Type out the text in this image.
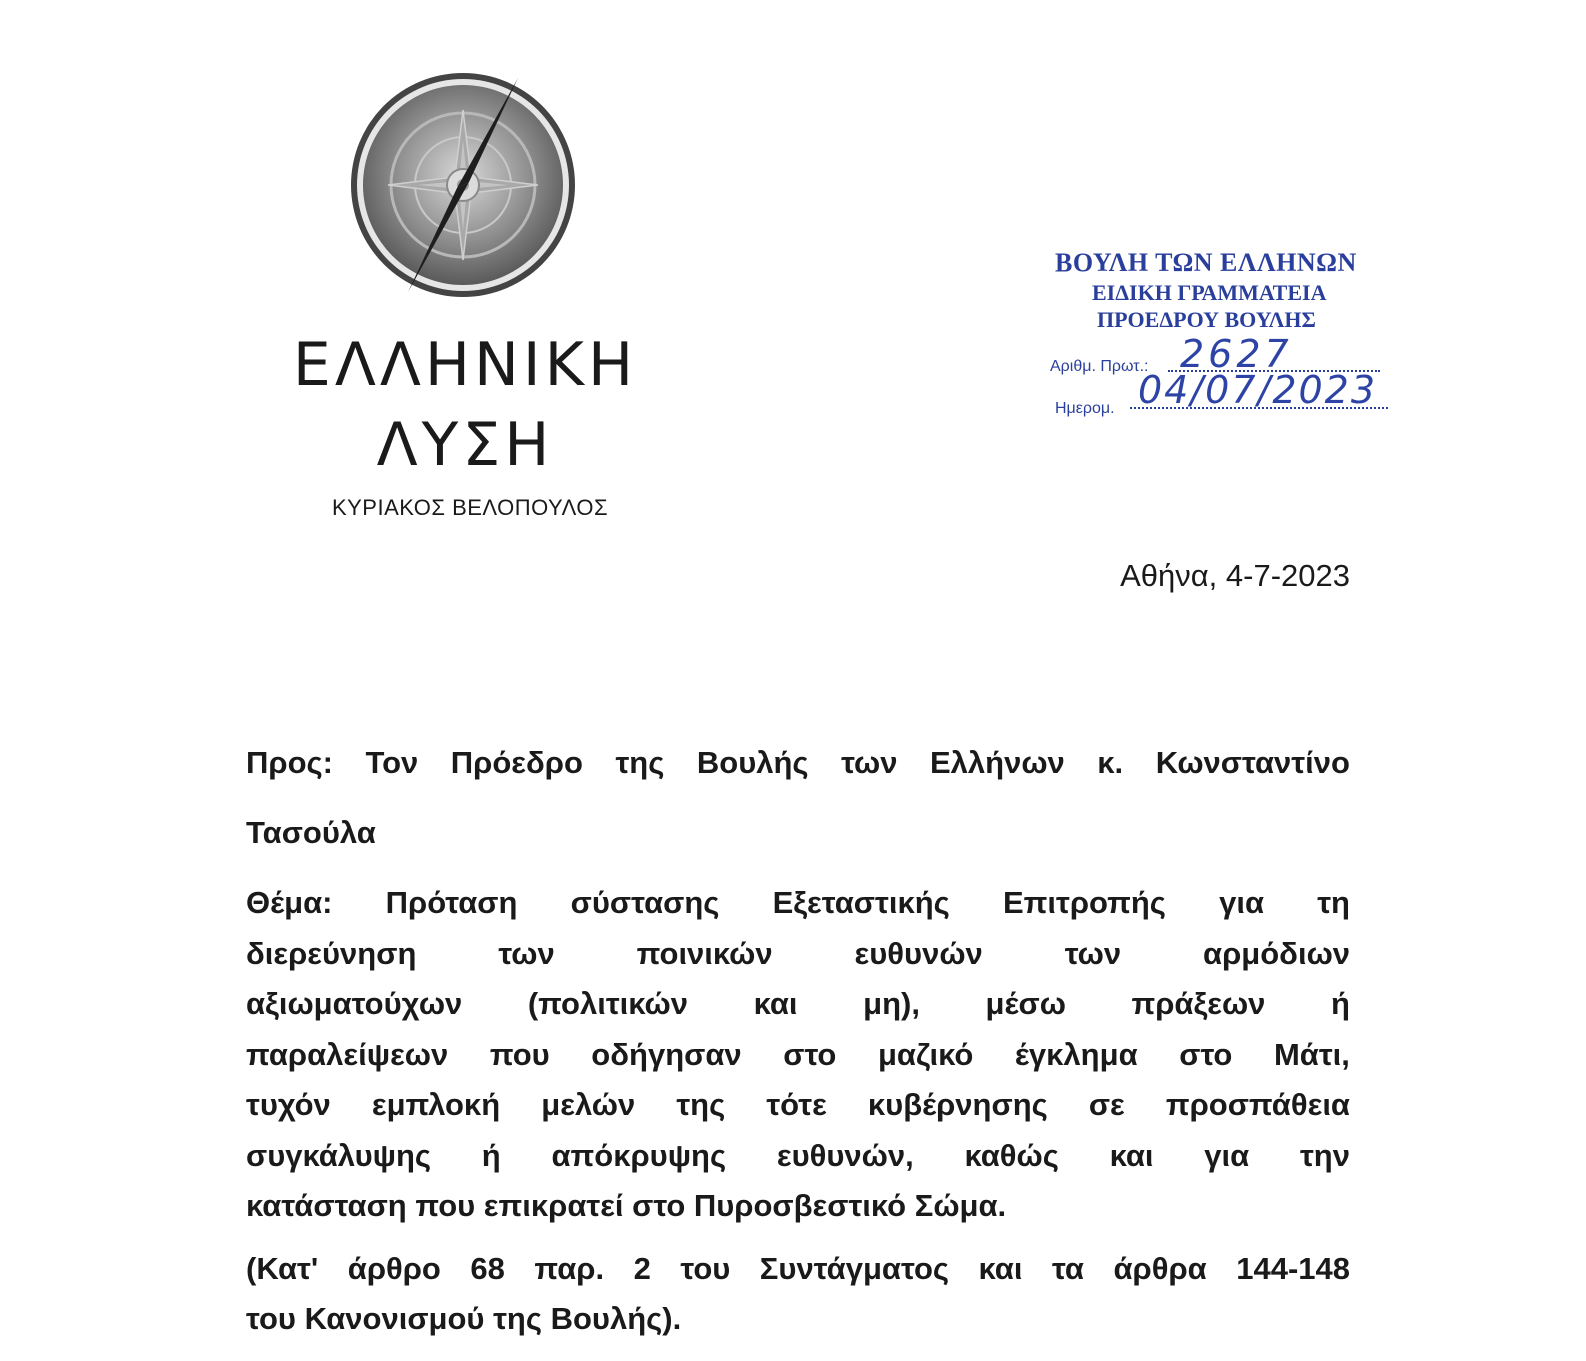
ΕΛΛΗΝΙΚΗ
ΛΥΣΗ
ΚΥΡΙΑΚΟΣ ΒΕΛΟΠΟΥΛΟΣ
ΒΟΥΛΗ ΤΩΝ ΕΛΛΗΝΩΝ
ΕΙΔΙΚΗ ΓΡΑΜΜΑΤΕΙΑ
ΠΡΟΕΔΡΟΥ ΒΟΥΛΗΣ
Αριθμ. Πρωτ.: 2627
Ημερομ. 04/07/2023
Αθήνα, 4-7-2023
Προς: Τον Πρόεδρο της Βουλής των Ελλήνων κ. Κωνσταντίνο
Τασούλα
Θέμα: Πρόταση σύστασης Εξεταστικής Επιτροπής για τη
διερεύνηση	των	ποινικών	ευθυνών	των	αρμόδιων
αξιωματούχων (πολιτικών και μη), μέσω πράξεων ή
παραλείψεων που οδήγησαν στο μαζικό έγκλημα στο Μάτι,
τυχόν εμπλοκή μελών της τότε κυβέρνησης σε προσπάθεια
συγκάλυψης ή απόκρυψης ευθυνών, καθώς και για την
κατάσταση που επικρατεί στο Πυροσβεστικό Σώμα.
(Κατ' άρθρο 68 παρ. 2 του Συντάγματος και τα άρθρα 144-148
του Κανονισμού της Βουλής).
